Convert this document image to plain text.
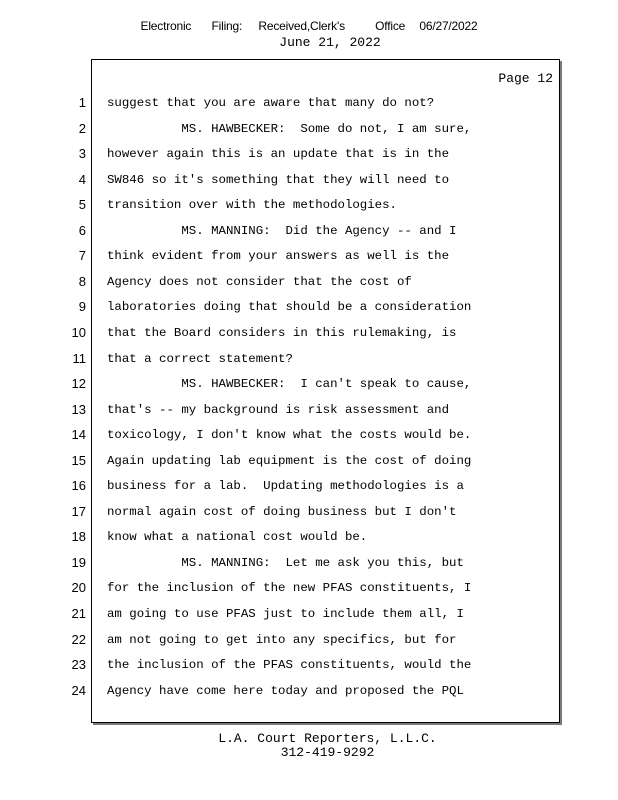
Electronic Filing: Received,Clerk's	Office 06/27/2022
June 21, 2022
Page 12
1 suggest that you are aware that many do not?
2 MS. HAWBECKER:  Some do not, I am sure,
3 however again this is an update that is in the
4 SW846 so it's something that they will need to
5 transition over with the methodologies.
6 MS. MANNING:  Did the Agency -- and I
7 think evident from your answers as well is the
8 Agency does not consider that the cost of
9 laboratories doing that should be a consideration
10 that the Board considers in this rulemaking, is
11 that a correct statement?
12 MS. HAWBECKER:  I can't speak to cause,
13 that's -- my background is risk assessment and
14 toxicology, I don't know what the costs would be.
15 Again updating lab equipment is the cost of doing
16 business for a lab.  Updating methodologies is a
17 normal again cost of doing business but I don't
18 know what a national cost would be.
19 MS. MANNING:  Let me ask you this, but
20 for the inclusion of the new PFAS constituents, I
21 am going to use PFAS just to include them all, I
22 am not going to get into any specifics, but for
23 the inclusion of the PFAS constituents, would the
24 Agency have come here today and proposed the PQL
L.A. Court Reporters, L.L.C.
312-419-9292
